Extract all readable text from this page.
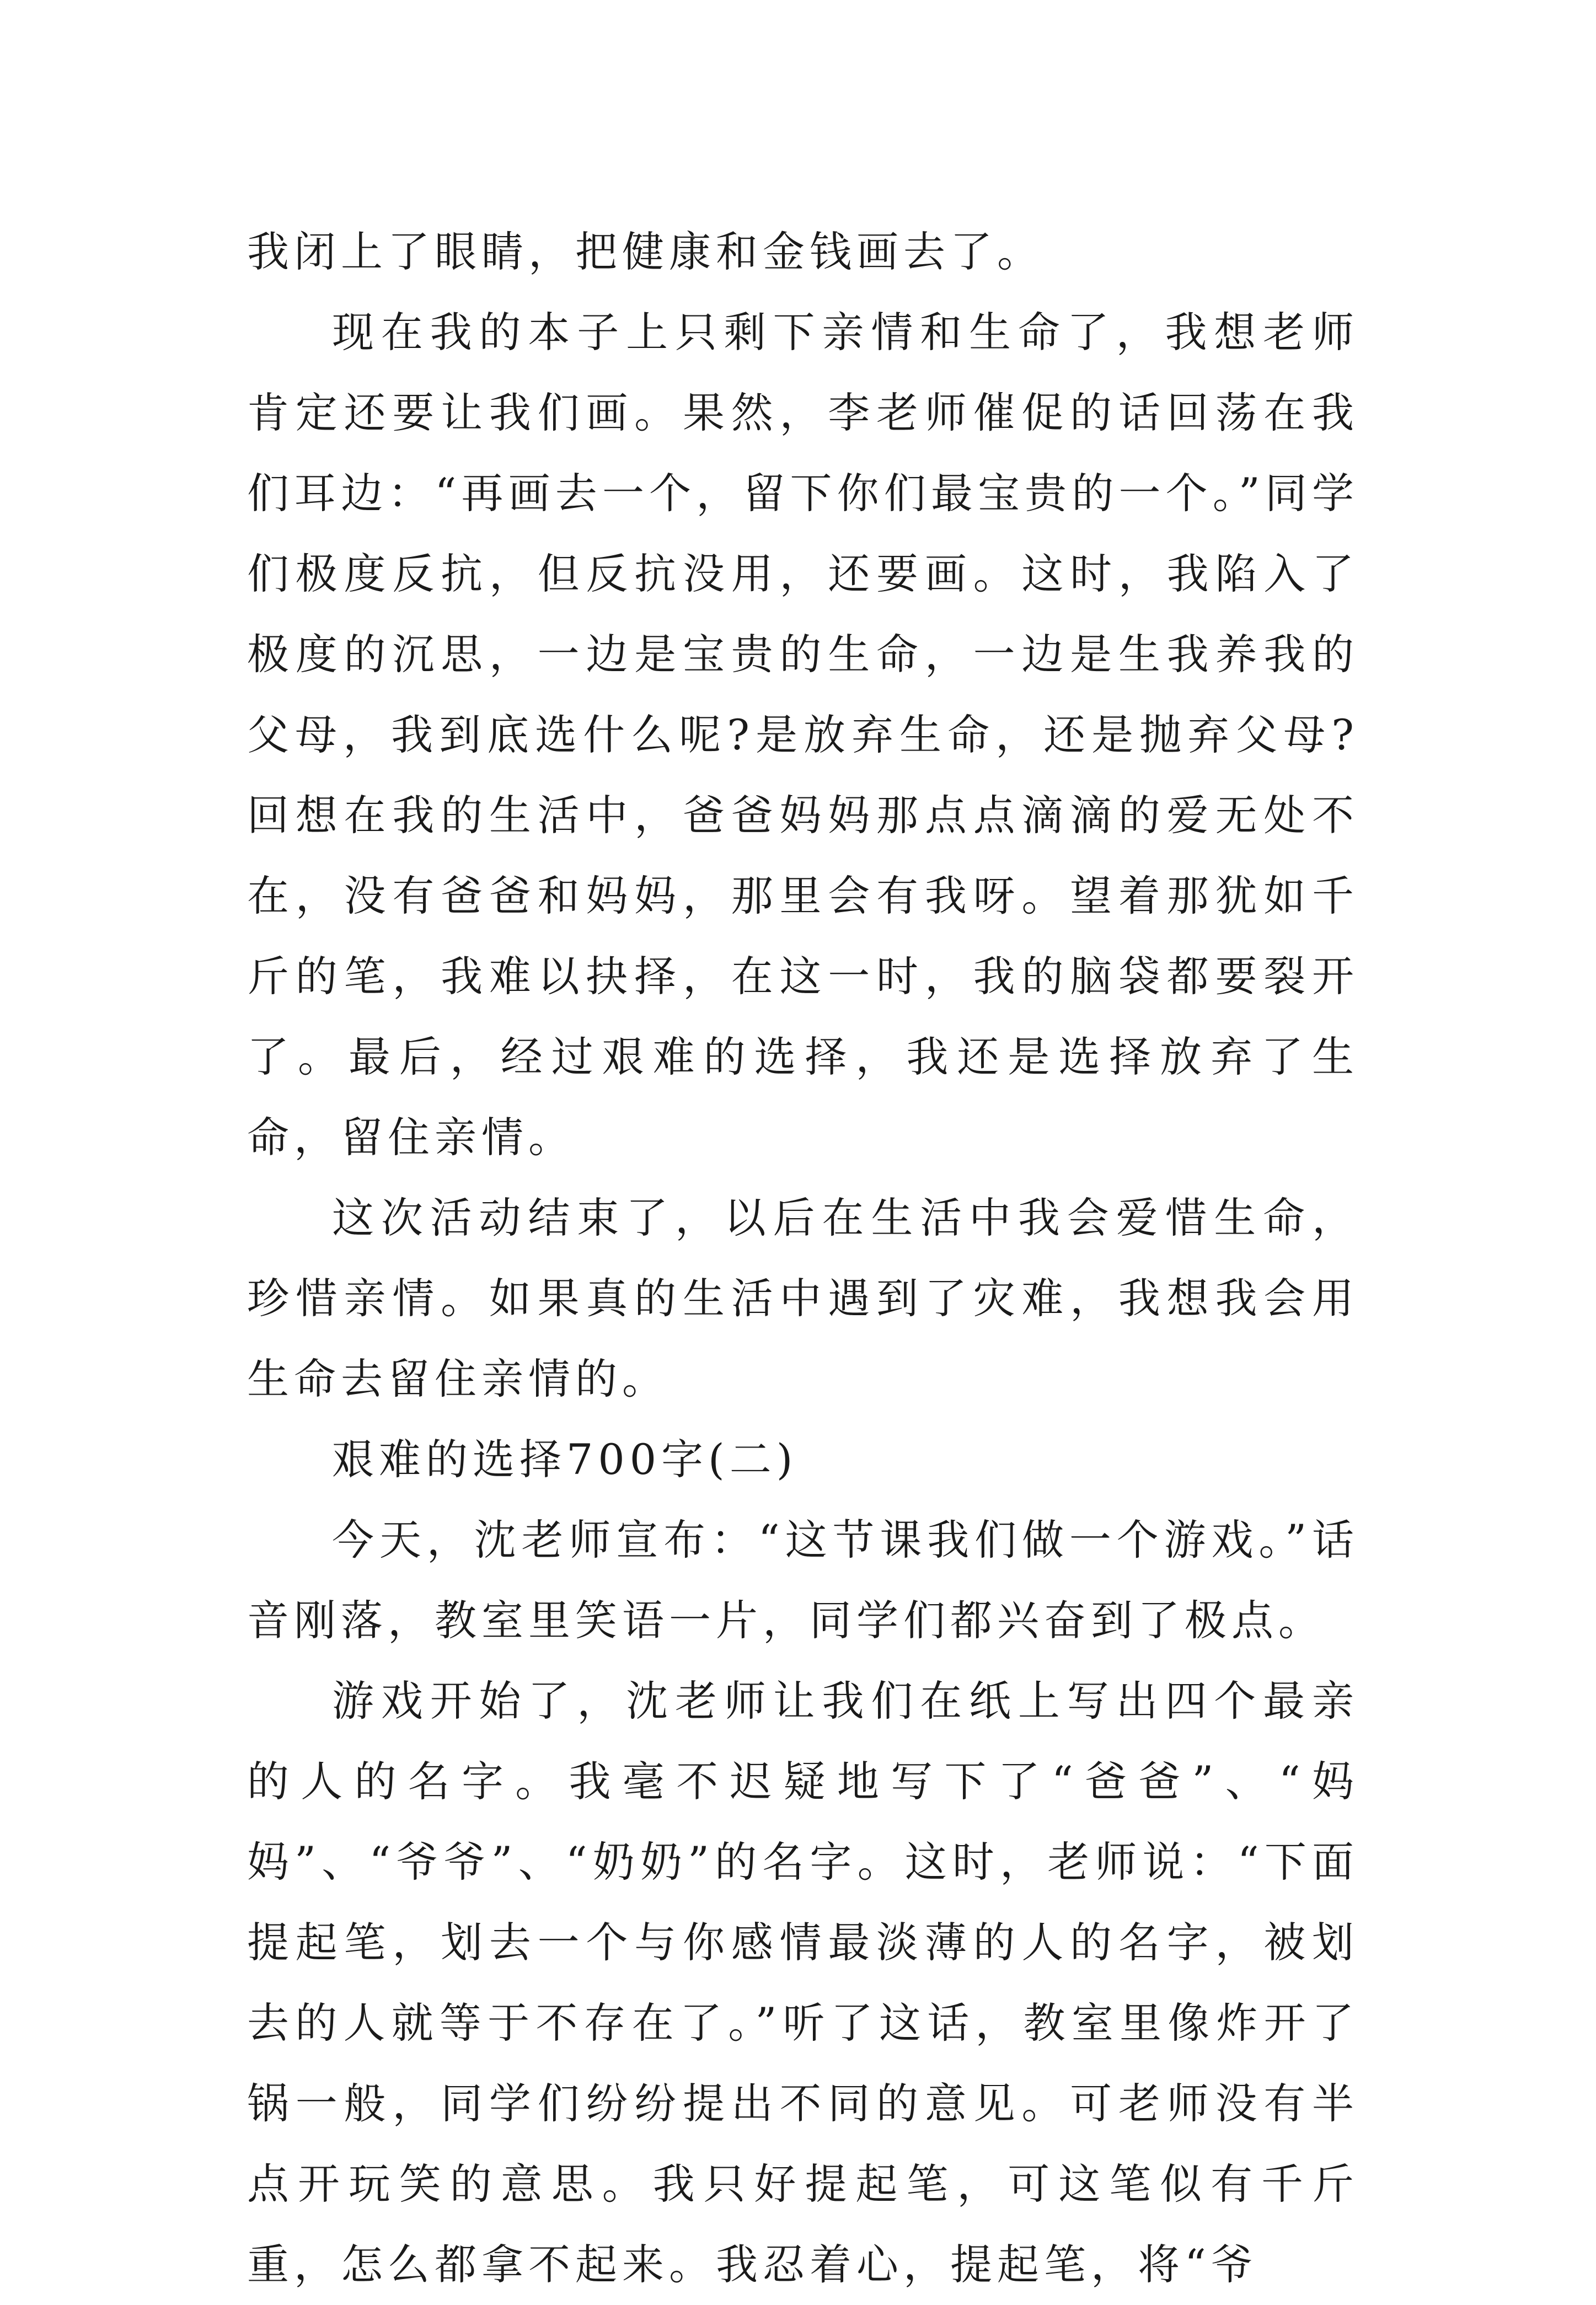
我闭上了眼睛，把健康和金钱画去了。

现在我的本子上只剩下亲情和生命了，我想老师肯定还要让我们画。果然，李老师催促的话回荡在我们耳边：“再画去一个，留下你们最宝贵的一个。”同学们极度反抗，但反抗没用，还要画。这时，我陷入了极度的沉思，一边是宝贵的生命，一边是生我养我的父母，我到底选什么呢?是放弃生命，还是抛弃父母?回想在我的生活中，爸爸妈妈那点点滴滴的爱无处不在，没有爸爸和妈妈，那里会有我呀。望着那犹如千斤的笔，我难以抉择，在这一时，我的脑袋都要裂开了。最后，经过艰难的选择，我还是选择放弃了生命，留住亲情。

这次活动结束了，以后在生活中我会爱惜生命，珍惜亲情。如果真的生活中遇到了灾难，我想我会用生命去留住亲情的。

艰难的选择700字(二)

今天，沈老师宣布：“这节课我们做一个游戏。”话音刚落，教室里笑语一片，同学们都兴奋到了极点。

游戏开始了，沈老师让我们在纸上写出四个最亲的人的名字。我毫不迟疑地写下了“爸爸”、“妈妈”、“爷爷”、“奶奶”的名字。这时，老师说：“下面提起笔，划去一个与你感情最淡薄的人的名字，被划去的人就等于不存在了。”听了这话，教室里像炸开了锅一般，同学们纷纷提出不同的意见。可老师没有半点开玩笑的意思。我只好提起笔，可这笔似有千斤重，怎么都拿不起来。我忍着心，提起笔，将“爷
